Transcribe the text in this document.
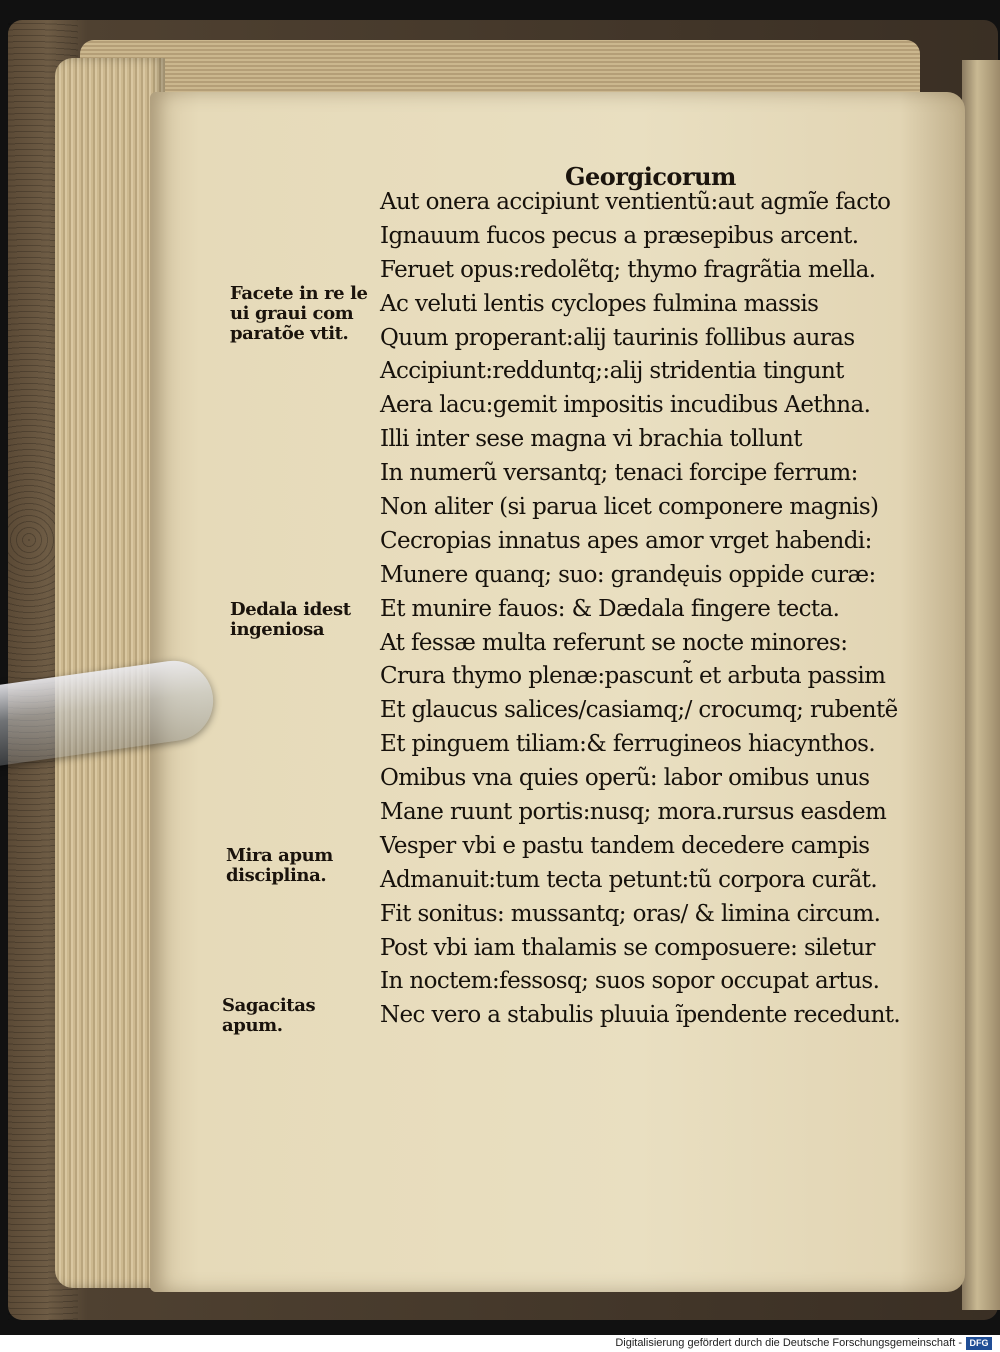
Georgicorum
Aut onera accipiunt ventientũ:aut agmĩe facto
Ignauum fucos pecus a præsepibus arcent.
Feruet opus:redolẽtq; thymo fragrãtia mella.
Ac veluti lentis cyclopes fulmina massis
Quum properant:alij taurinis follibus auras
Accipiunt:redduntq;:alij stridentia tingunt
Aera lacu:gemit impositis incudibus Aethna.
Illi inter sese magna vi brachia tollunt
In numerũ versantq; tenaci forcipe ferrum:
Non aliter (si parua licet componere magnis)
Cecropias innatus apes amor vrget habendi:
Munere quanq; suo: grandęuis oppide curæ:
Et munire fauos: & Dædala fingere tecta.
At fessæ multa referunt se nocte minores:
Crura thymo plenæ:pascunt̃ et arbuta passim
Et glaucus salices/casiamq;/ crocumq; rubentẽ
Et pinguem tiliam:& ferrugineos hiacynthos.
Omibus vna quies operũ: labor omibus unus
Mane ruunt portis:nusq; mora.rursus easdem
Vesper vbi e pastu tandem decedere campis
Admanuit:tum tecta petunt:tũ corpora curãt.
Fit sonitus: mussantq; oras/ & limina circum.
Post vbi iam thalamis se composuere: siletur
In noctem:fessosq; suos sopor occupat artus.
Nec vero a stabulis pluuia ĩpendente recedunt.
Facete in re le
ui graui com
paratõe vtit.
Dedala idest
ingeniosa
Mira apum
disciplina.
Sagacitas
apum.
Digitalisierung gefördert durch die Deutsche Forschungsgemeinschaft - DFG
